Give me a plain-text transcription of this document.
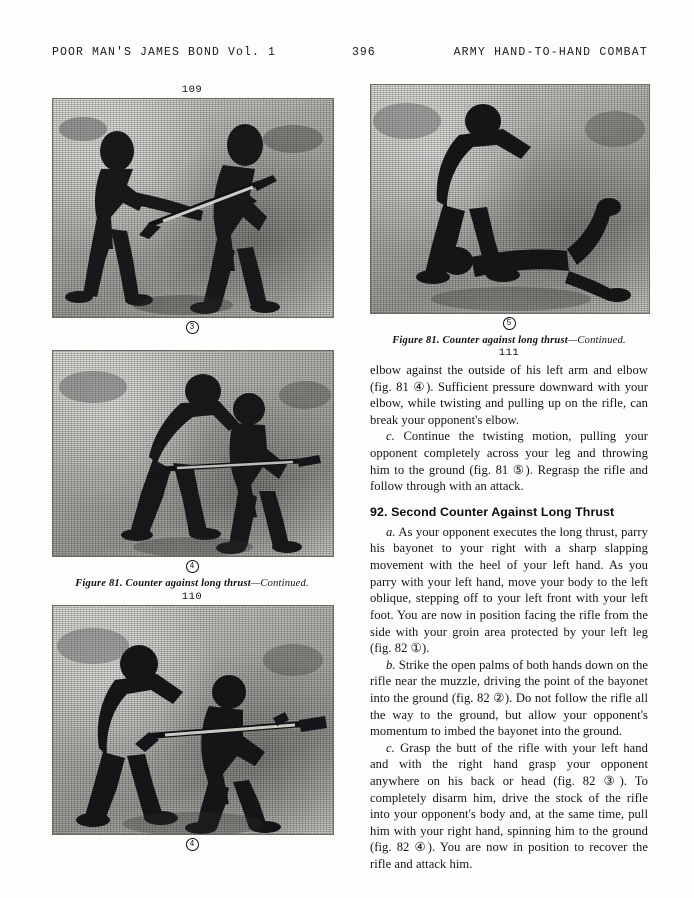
POOR MAN'S JAMES BOND Vol. 1	396	ARMY HAND-TO-HAND COMBAT
109
3
4
Figure 81. Counter against long thrust—Continued.
110
4
5
Figure 81. Counter against long thrust—Continued.
111

elbow against the outside of his left arm and elbow (fig. 81 ④). Sufficient pressure downward with your elbow, while twisting and pulling up on the rifle, can break your opponent's elbow.

c. Continue the twisting motion, pulling your opponent completely across your leg and throwing him to the ground (fig. 81 ⑤). Regrasp the rifle and follow through with an attack.

92. Second Counter Against Long Thrust

a. As your opponent executes the long thrust, parry his bayonet to your right with a sharp slapping movement with the heel of your left hand. As you parry with your left hand, move your body to the left oblique, stepping off to your left front with your left foot. You are now in position facing the rifle from the side with your groin area protected by your left leg (fig. 82 ①).

b. Strike the open palms of both hands down on the rifle near the muzzle, driving the point of the bayonet into the ground (fig. 82 ②). Do not follow the rifle all the way to the ground, but allow your opponent's momentum to imbed the bayonet into the ground.

c. Grasp the butt of the rifle with your left hand and with the right hand grasp your opponent anywhere on his back or head (fig. 82 ③). To completely disarm him, drive the stock of the rifle into your opponent's body and, at the same time, pull him with your right hand, spinning him to the ground (fig. 82 ④). You are now in position to recover the rifle and attack him.
